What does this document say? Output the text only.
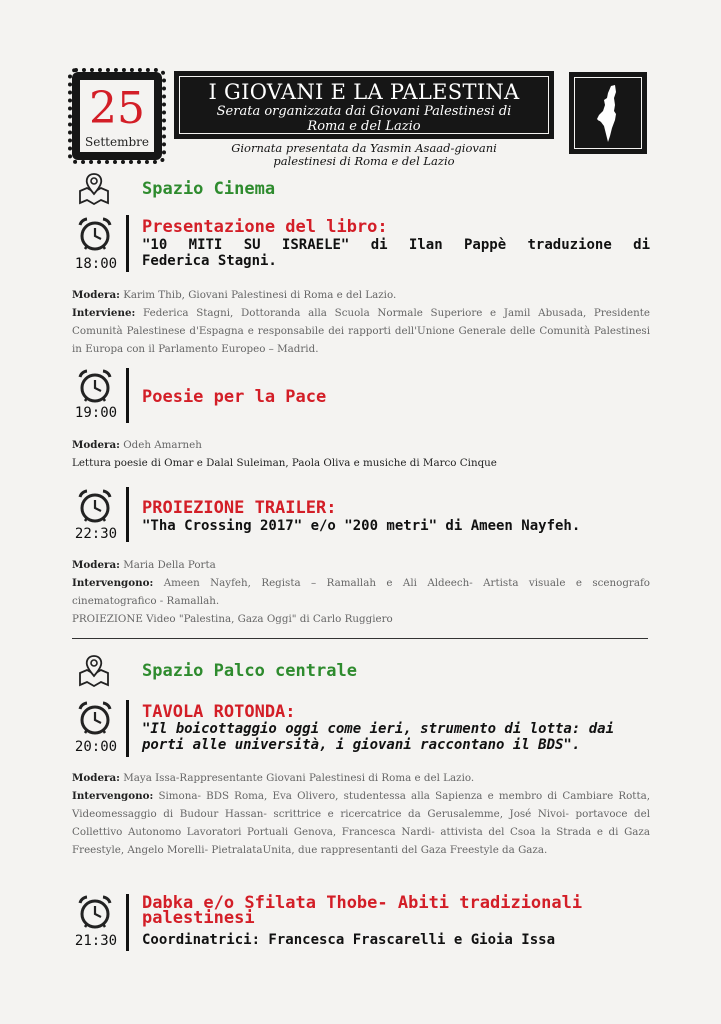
25
Settembre
I GIOVANI E LA PALESTINA
Serata organizzata dai Giovani Palestinesi di
Roma e del Lazio
Giornata presentata da Yasmin Asaad-giovani
palestinesi di Roma e del Lazio
Spazio Cinema
18:00
Presentazione del libro:
"10 MITI SU ISRAELE" di Ilan Pappè traduzione di
Federica Stagni.
Modera: Karim Thib, Giovani Palestinesi di Roma e del Lazio.
Interviene: Federica Stagni, Dottoranda alla Scuola Normale Superiore e Jamil Abusada, Presidente Comunità Palestinese d'Espagna e responsabile dei rapporti dell'Unione Generale delle Comunità Palestinesi in Europa con il Parlamento Europeo – Madrid.
19:00
Poesie per la Pace
Modera: Odeh Amarneh
Lettura poesie di Omar e Dalal Suleiman, Paola Oliva e musiche di Marco Cinque
22:30
PROIEZIONE TRAILER:
"Tha Crossing 2017" e/o "200 metri" di Ameen Nayfeh.
Modera: Maria Della Porta
Intervengono: Ameen Nayfeh, Regista – Ramallah e Ali Aldeech- Artista visuale e scenografo cinematografico - Ramallah.
PROIEZIONE Video "Palestina, Gaza Oggi" di Carlo Ruggiero
Spazio Palco centrale
20:00
TAVOLA ROTONDA:
"Il boicottaggio oggi come ieri, strumento di lotta: dai
porti alle università, i giovani raccontano il BDS".
Modera: Maya Issa-Rappresentante Giovani Palestinesi di Roma e del Lazio.
Intervengono: Simona- BDS Roma, Eva Olivero, studentessa alla Sapienza e membro di Cambiare Rotta, Videomessaggio di Budour Hassan- scrittrice e ricercatrice da Gerusalemme, José Nivoi- portavoce del Collettivo Autonomo Lavoratori Portuali Genova, Francesca Nardi- attivista del Csoa la Strada e di Gaza Freestyle, Angelo Morelli- PietralataUnita, due rappresentanti del Gaza Freestyle da Gaza.
21:30
Dabka e/o Sfilata Thobe- Abiti tradizionali
palestinesi
Coordinatrici: Francesca Frascarelli e Gioia Issa
